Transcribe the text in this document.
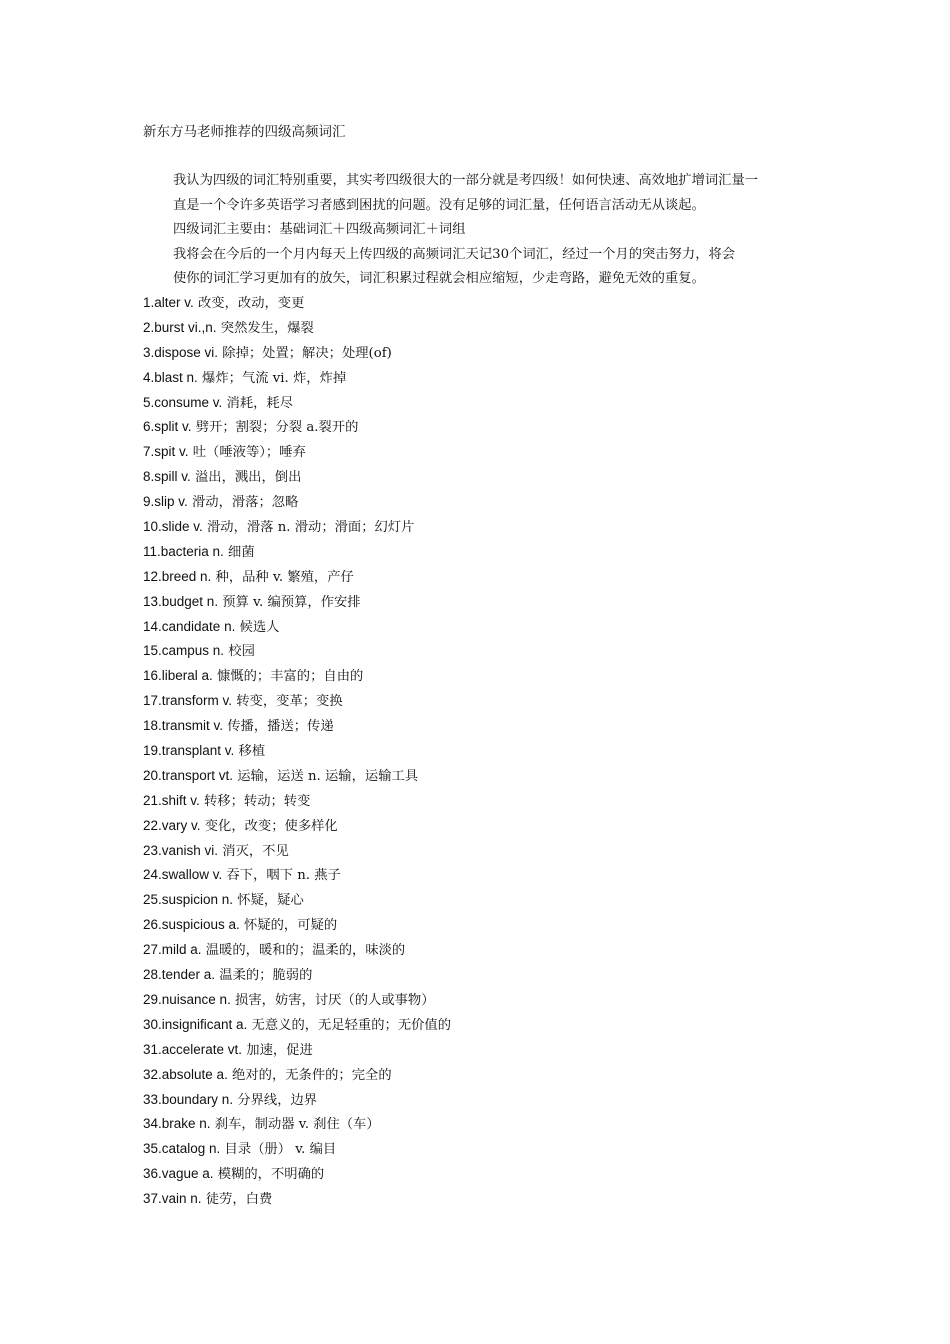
新东方马老师推荐的四级高频词汇

我认为四级的词汇特别重要，其实考四级很大的一部分就是考四级！如何快速、高效地扩增词汇量一

直是一个令许多英语学习者感到困扰的问题。没有足够的词汇量，任何语言活动无从谈起。

四级词汇主要由：基础词汇＋四级高频词汇＋词组

我将会在今后的一个月内每天上传四级的高频词汇天记30个词汇，经过一个月的突击努力，将会

使你的词汇学习更加有的放矢，词汇积累过程就会相应缩短，少走弯路，避免无效的重复。

1.alter v. 改变，改动，变更
2.burst vi.,n. 突然发生，爆裂
3.dispose vi. 除掉；处置；解决；处理(of)
4.blast n. 爆炸；气流 vi. 炸，炸掉
5.consume v. 消耗，耗尽
6.split v. 劈开；割裂；分裂 a.裂开的
7.spit v. 吐（唾液等）；唾弃
8.spill v. 溢出，溅出，倒出
9.slip v. 滑动，滑落；忽略
10.slide v. 滑动，滑落 n. 滑动；滑面；幻灯片
11.bacteria n. 细菌
12.breed n. 种，品种 v. 繁殖，产仔
13.budget n. 预算 v. 编预算，作安排
14.candidate n. 候选人
15.campus n. 校园
16.liberal a. 慷慨的；丰富的；自由的
17.transform v. 转变，变革；变换
18.transmit v. 传播，播送；传递
19.transplant v. 移植
20.transport vt. 运输，运送 n. 运输，运输工具
21.shift v. 转移；转动；转变
22.vary v. 变化，改变；使多样化
23.vanish vi. 消灭，不见
24.swallow v. 吞下，咽下 n. 燕子
25.suspicion n. 怀疑，疑心
26.suspicious a. 怀疑的，可疑的
27.mild a. 温暖的，暖和的；温柔的，味淡的
28.tender a. 温柔的；脆弱的
29.nuisance n. 损害，妨害，讨厌（的人或事物）
30.insignificant a. 无意义的，无足轻重的；无价值的
31.accelerate vt. 加速，促进
32.absolute a. 绝对的，无条件的；完全的
33.boundary n. 分界线，边界
34.brake n. 刹车，制动器 v. 刹住（车）
35.catalog n. 目录（册） v. 编目
36.vague a. 模糊的，不明确的
37.vain n. 徒劳，白费
